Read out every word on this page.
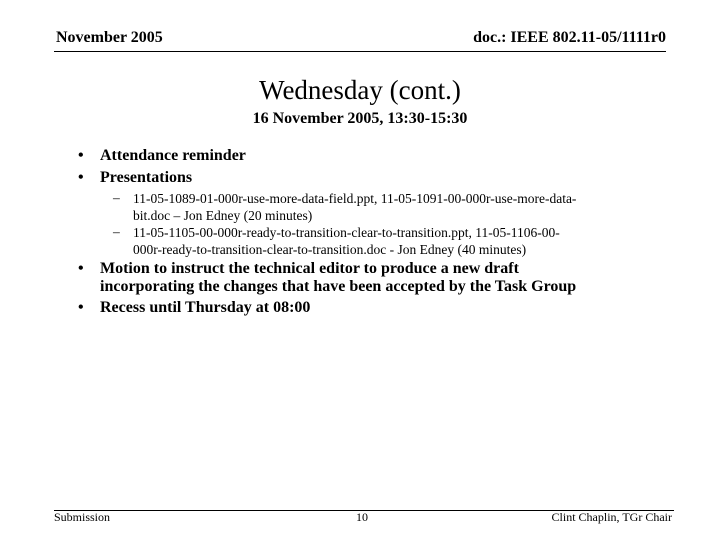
November 2005	doc.: IEEE 802.11-05/1111r0
Wednesday (cont.)
16 November 2005, 13:30-15:30
• Attendance reminder
• Presentations
– 11-05-1089-01-000r-use-more-data-field.ppt, 11-05-1091-00-000r-use-more-data-
bit.doc – Jon Edney (20 minutes)
– 11-05-1105-00-000r-ready-to-transition-clear-to-transition.ppt, 11-05-1106-00-
000r-ready-to-transition-clear-to-transition.doc - Jon Edney (40 minutes)
• Motion to instruct the technical editor to produce a new draft
incorporating the changes that have been accepted by the Task Group
• Recess until Thursday at 08:00
Submission	10	Clint Chaplin, TGr Chair
